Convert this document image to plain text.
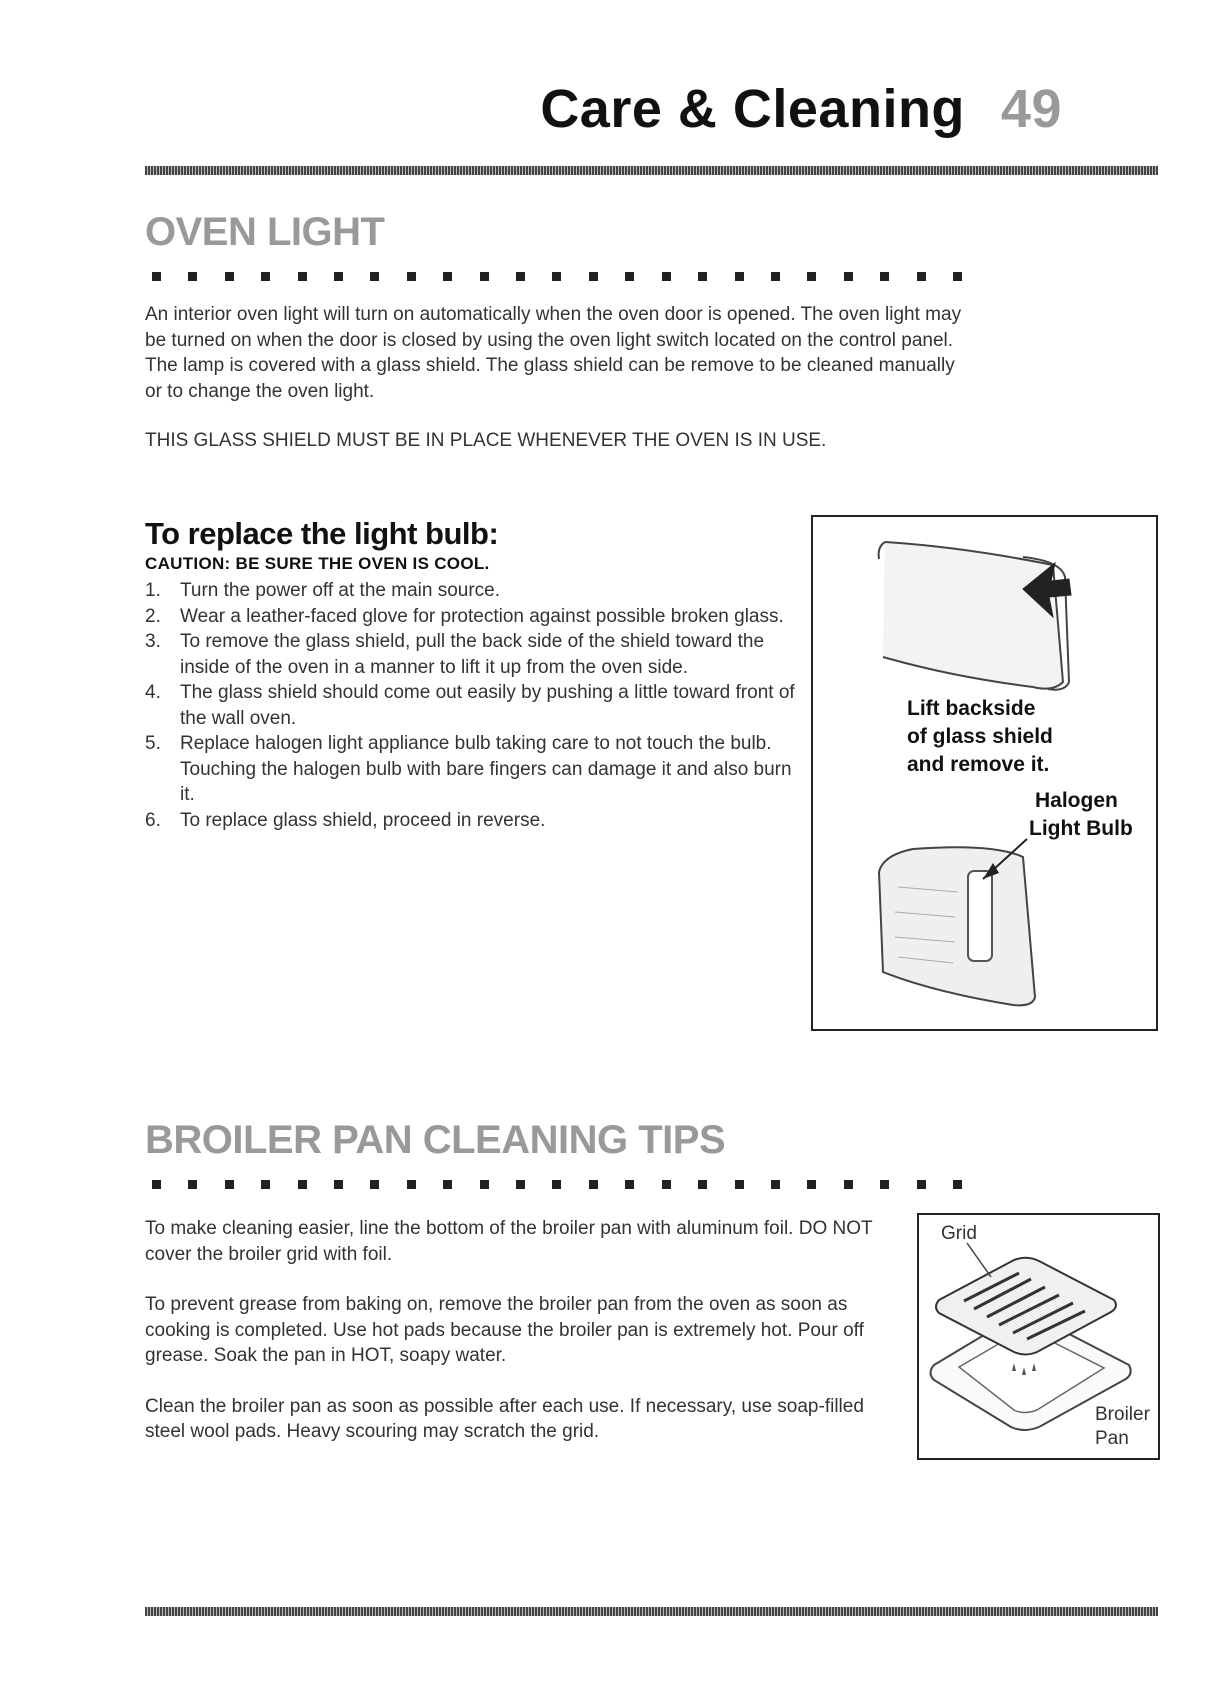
Care & Cleaning 49
OVEN LIGHT

An interior oven light will turn on automatically when the oven door is opened. The oven light may be turned on when the door is closed by using the oven light switch located on the control panel.

The lamp is covered with a glass shield. The glass shield can be remove to be cleaned manually or to change the oven light.

THIS GLASS SHIELD MUST BE IN PLACE WHENEVER THE OVEN IS IN USE.

To replace the light bulb:
CAUTION: BE SURE THE OVEN IS COOL.
1. Turn the power off at the main source.
2. Wear a leather-faced glove for protection against possible broken glass.
3. To remove the glass shield, pull the back side of the shield toward the inside of the oven in a manner to lift it up from the oven side.
4. The glass shield should come out easily by pushing a little toward front of the wall oven.
5. Replace halogen light appliance bulb taking care to not touch the bulb. Touching the halogen bulb with bare fingers can damage it and also burn it.
6. To replace glass shield, proceed in reverse.
Lift backside
of glass shield
and remove it.
Halogen
Light Bulb
BROILER PAN CLEANING TIPS

To make cleaning easier, line the bottom of the broiler pan with aluminum foil. DO NOT cover the broiler grid with foil.

To prevent grease from baking on, remove the broiler pan from the oven as soon as cooking is completed. Use hot pads because the broiler pan is extremely hot. Pour off grease. Soak the pan in HOT, soapy water.

Clean the broiler pan as soon as possible after each use. If necessary, use soap-filled steel wool pads. Heavy scouring may scratch the grid.

Grid
Broiler
Pan
